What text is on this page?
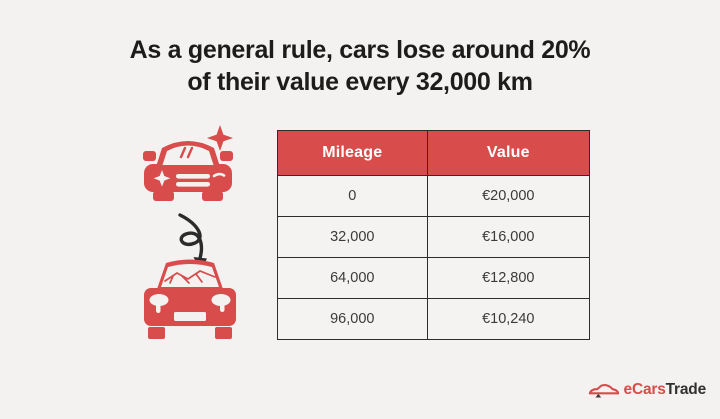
As a general rule, cars lose around 20%
of their value every 32,000 km
Mileage	Value
0	€20,000
32,000	€16,000
64,000	€12,800
96,000	€10,240
eCarsTrade
